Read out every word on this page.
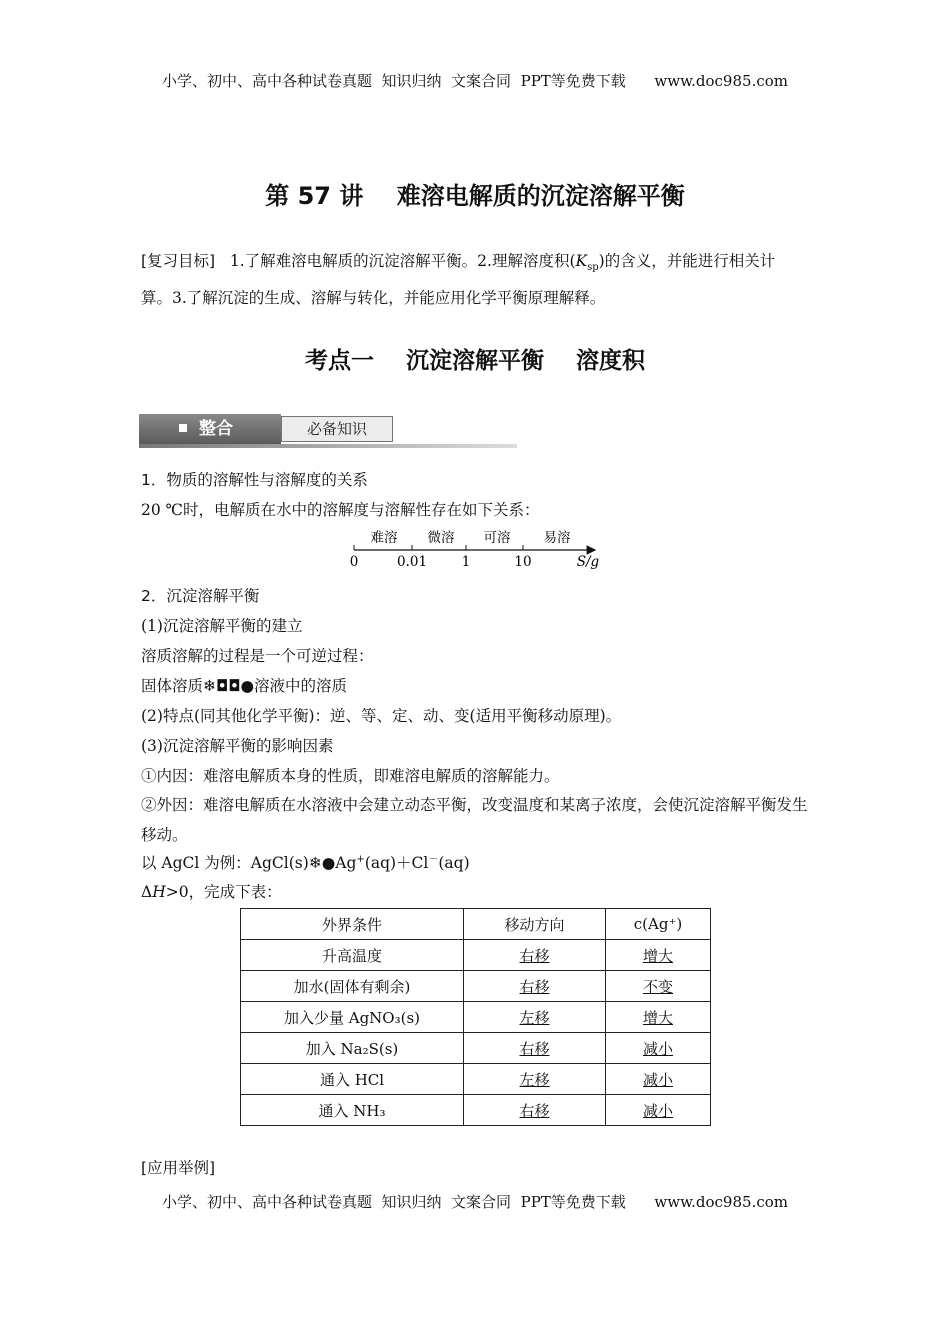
小学、初中、高中各种试卷真题  知识归纳  文案合同  PPT等免费下载      www.doc985.com
第 57 讲    难溶电解质的沉淀溶解平衡
[复习目标] 1.了解难溶电解质的沉淀溶解平衡。2.理解溶度积$(K_{sp})$的含义，并能进行相关计
算。3.了解沉淀的生成、溶解与转化，并能应用化学平衡原理解释。
考点一    沉淀溶解平衡    溶度积
整合	必备知识
1．物质的溶解性与溶解度的关系
20 ℃时，电解质在水中的溶解度与溶解性存在如下关系：
难溶 微溶 可溶 易溶
0	0.01	1	10	S/g
2．沉淀溶解平衡
(1)沉淀溶解平衡的建立
溶质溶解的过程是一个可逆过程：
固体溶质❄◘◘●溶液中的溶质
(2)特点(同其他化学平衡)：逆、等、定、动、变(适用平衡移动原理)。
(3)沉淀溶解平衡的影响因素
①内因：难溶电解质本身的性质，即难溶电解质的溶解能力。
②外因：难溶电解质在水溶液中会建立动态平衡，改变温度和某离子浓度，会使沉淀溶解平衡发生移动。
以 AgCl 为例：AgCl(s)❄●Ag+(aq)＋Cl－(aq)
ΔH>0，完成下表：
外界条件	移动方向	c(Ag⁺)
升高温度	右移	增大
加水(固体有剩余)	右移	不变
加入少量 AgNO₃(s)	左移	增大
加入 Na₂S(s)	右移	减小
通入 HCl	左移	减小
通入 NH₃	右移	减小
[应用举例]
小学、初中、高中各种试卷真题  知识归纳  文案合同  PPT等免费下载      www.doc985.com
